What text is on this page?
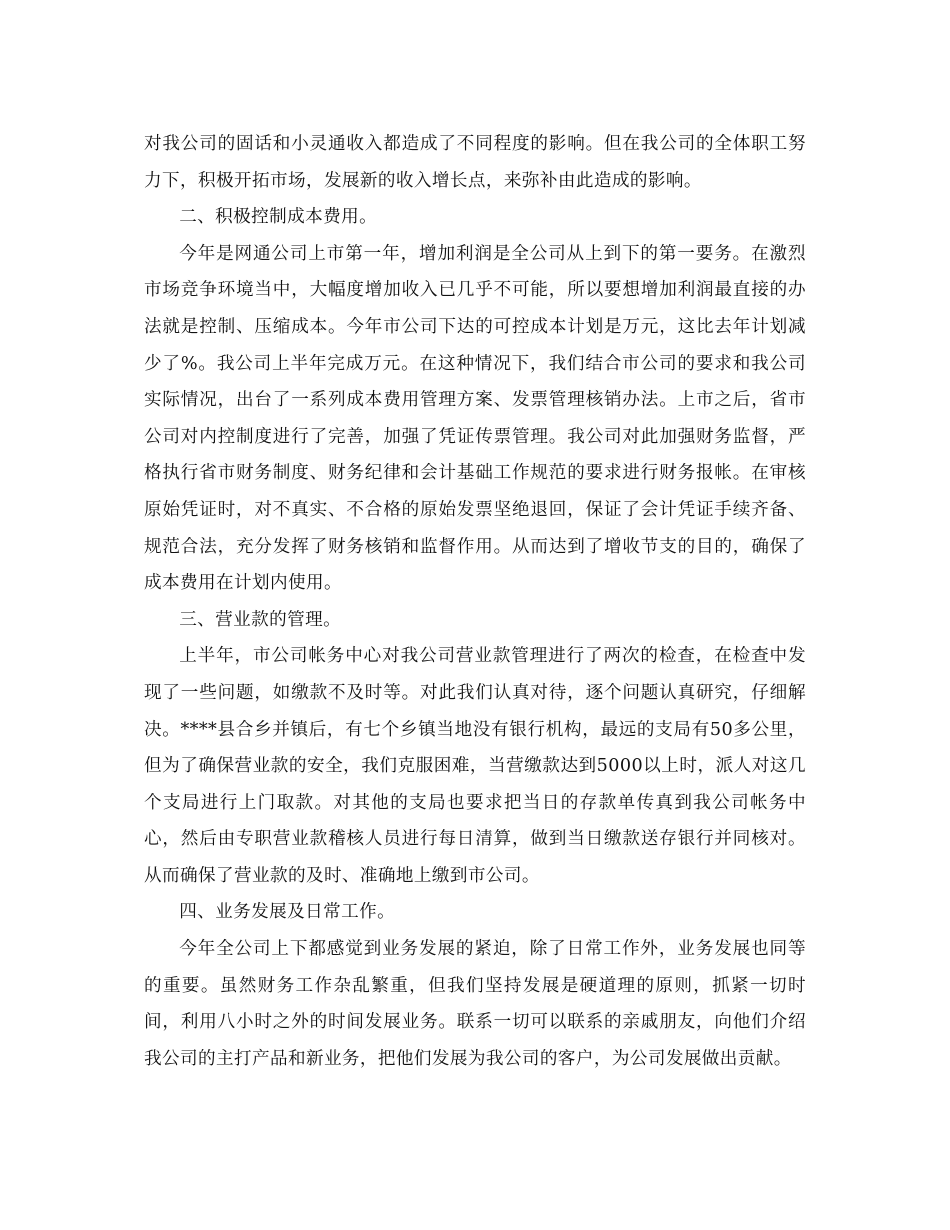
对我公司的固话和小灵通收入都造成了不同程度的影响。但在我公司的全体职工努力下，积极开拓市场，发展新的收入增长点，来弥补由此造成的影响。

二、积极控制成本费用。

今年是网通公司上市第一年，增加利润是全公司从上到下的第一要务。在激烈市场竞争环境当中，大幅度增加收入已几乎不可能，所以要想增加利润最直接的办法就是控制、压缩成本。今年市公司下达的可控成本计划是万元，这比去年计划减少了%。我公司上半年完成万元。在这种情况下，我们结合市公司的要求和我公司实际情况，出台了一系列成本费用管理方案、发票管理核销办法。上市之后，省市公司对内控制度进行了完善，加强了凭证传票管理。我公司对此加强财务监督，严格执行省市财务制度、财务纪律和会计基础工作规范的要求进行财务报帐。在审核原始凭证时，对不真实、不合格的原始发票坚绝退回，保证了会计凭证手续齐备、规范合法，充分发挥了财务核销和监督作用。从而达到了增收节支的目的，确保了成本费用在计划内使用。

三、营业款的管理。

上半年，市公司帐务中心对我公司营业款管理进行了两次的检查，在检查中发现了一些问题，如缴款不及时等。对此我们认真对待，逐个问题认真研究，仔细解决。****县合乡并镇后，有七个乡镇当地没有银行机构，最远的支局有50多公里，但为了确保营业款的安全，我们克服困难，当营缴款达到5000以上时，派人对这几个支局进行上门取款。对其他的支局也要求把当日的存款单传真到我公司帐务中心，然后由专职营业款稽核人员进行每日清算，做到当日缴款送存银行并同核对。从而确保了营业款的及时、准确地上缴到市公司。

四、业务发展及日常工作。

今年全公司上下都感觉到业务发展的紧迫，除了日常工作外，业务发展也同等的重要。虽然财务工作杂乱繁重，但我们坚持发展是硬道理的原则，抓紧一切时间，利用八小时之外的时间发展业务。联系一切可以联系的亲戚朋友，向他们介绍我公司的主打产品和新业务，把他们发展为我公司的客户，为公司发展做出贡献。
